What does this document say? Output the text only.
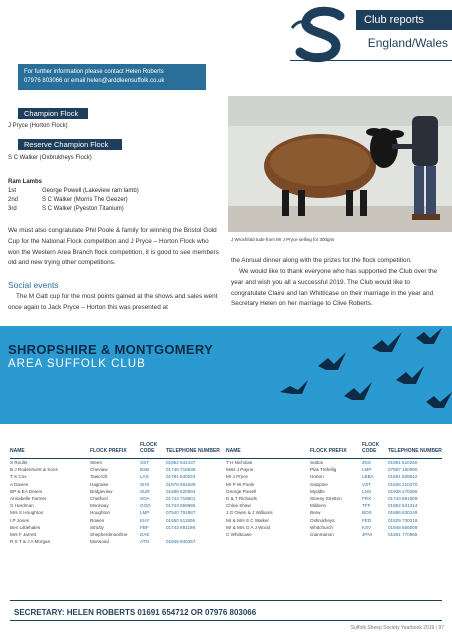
Club reports
England/Wales
For further information please contact Helen Roberts
07976 803066 or email helen@arddleensuffolk.co.uk
Champion Flock
J Pryce (Horton Flock)
Reserve Champion Flock
S C Walker (Oxbrukheys Flock)
Ram Lambs
1st	George Powell (Lakeview ram lamb)
2nd	S C Walker (Morris The Geezer)
3rd	S C Walker (Pyeston Titanium)
We must also congratulate Phil Poole & family for winning the Bristol Gold Cup for the National Flock competition and J Pryce – Horton Flock who won the Western Area Branch flock competition, it is good to see members old and new trying other competitions.
Social events
The M Gatt cup for the most points gained at the shows and sales went once again to Jack Pryce – Horton this was presented at
J Wroxhfold tude from Mr J Pryce selling for 300gns
the Annual dinner along with the prizes for the flock competition.
We would like to thank everyone who has supported the Club over the year and wish you all a successful 2019. The Club would like to congratulate Claire and Ian Whitticase on their marriage in the year and Secretary Helen on her marriage to Clive Roberts.
SHROPSHIRE & MONTGOMERY
AREA SUFFOLK CLUB
NAME	FLOCK PREFIX	FLOCK CODE	TELEPHONE NUMBER	NAME	FLOCK PREFIX	FLOCK CODE	TELEPHONE NUMBER
S Roults	Steen	SST	01952 541437	T H Nicholas	Sutton	ZSS	01691 610250
B J Rodenhurst & Sons	Cheviaw	BSB	01746 718638	Miss J Payne	Plas Trefellig	LMP	07967 150990
T S Cox	Tawcroft	LAS	01781 840024	Mr J Pryce	Horton	LBBA	01691 828612
A Davies	Hagraise	SHX	01978 661639	Mr P W Poole	Salopine	VST	01938 210370
BP & EA Deters	Bridgeview	SUR	01588 620594	George Powell	Myddle	LNG	01938 270266
Annabelle Farmer	Chatford	SOA	01743 718501	D & T Richards	Stoney Stretton	FRX	01743 891809
G Hardman	Moorway	GGG	01743 859965	Chloe Shaw	Mildenn	TFF	01952 541314
Mrs S Houghton	Houghton	LMP	07540 704887	J G Owen & J Williams	Berw	BOS	01686 630249
I P Jones	Rowen	KHY	01650 511906	Mr & Mrs S C Walker	Oxbrukheys	FED	01829 730316
Ben Littlehales	Strictly	FBF	01743 891198	Mr & Mrs G A J Wood	Whitchurch	KSV	01948 666009
Mrs F Jarrett	Shepherdmoorline	DAS		C Whitticase	Gianmarion	JPNI	01691 770965
R S T & J A Morgan	Morwood	ATN	01948 840357				
SECRETARY: HELEN ROBERTS 01691 654712 OR 07976 803066
Suffolk Sheep Society Yearbook 2019 | 97
